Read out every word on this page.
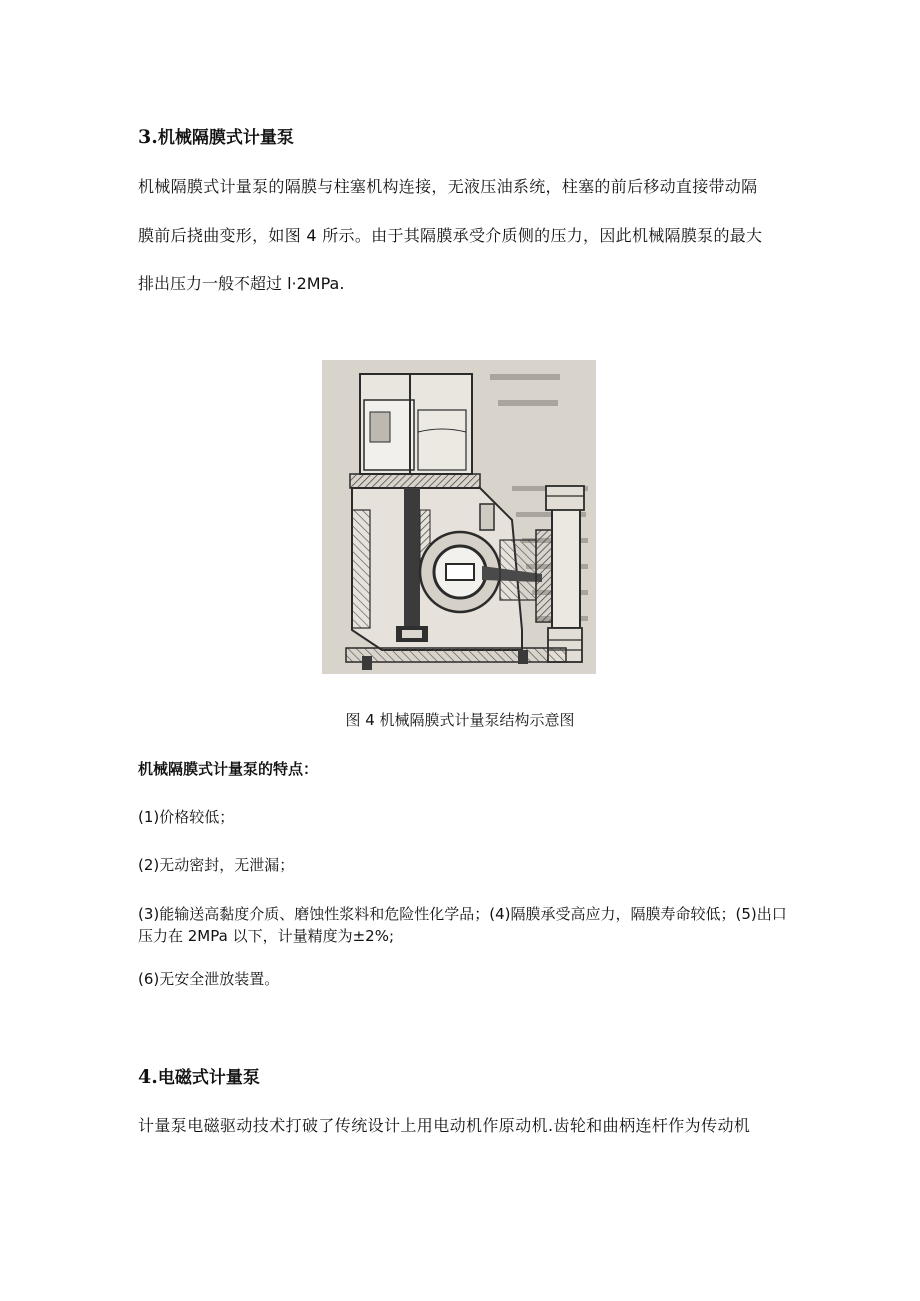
3.机械隔膜式计量泵
机械隔膜式计量泵的隔膜与柱塞机构连接，无液压油系统，柱塞的前后移动直接带动隔
膜前后挠曲变形，如图 4 所示。由于其隔膜承受介质侧的压力，因此机械隔膜泵的最大
排出压力一般不超过 l·2MPa.
图 4 机械隔膜式计量泵结构示意图
机械隔膜式计量泵的特点：
(1)价格较低；
(2)无动密封，无泄漏；
(3)能输送高黏度介质、磨蚀性浆料和危险性化学品；(4)隔膜承受高应力，隔膜寿命较低；(5)出口压力在 2MPa 以下，计量精度为±2%;
(6)无安全泄放装置。
4.电磁式计量泵
计量泵电磁驱动技术打破了传统设计上用电动机作原动机.齿轮和曲柄连杆作为传动机
